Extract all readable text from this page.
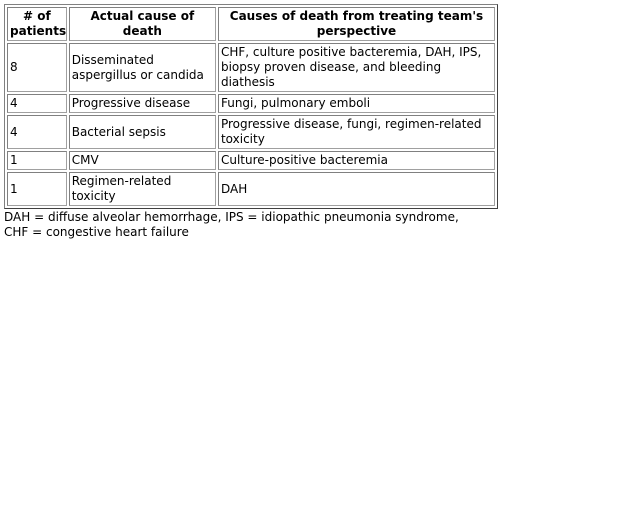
# of patients	Actual cause of death	Causes of death from treating team's perspective
8	Disseminated aspergillus or candida	CHF, culture positive bacteremia, DAH, IPS, biopsy proven disease, and bleeding diathesis
4	Progressive disease	Fungi, pulmonary emboli
4	Bacterial sepsis	Progressive disease, fungi, regimen-related toxicity
1	CMV	Culture-positive bacteremia
1	Regimen-related toxicity	DAH
DAH = diffuse alveolar hemorrhage, IPS = idiopathic pneumonia syndrome, CHF = congestive heart failure
